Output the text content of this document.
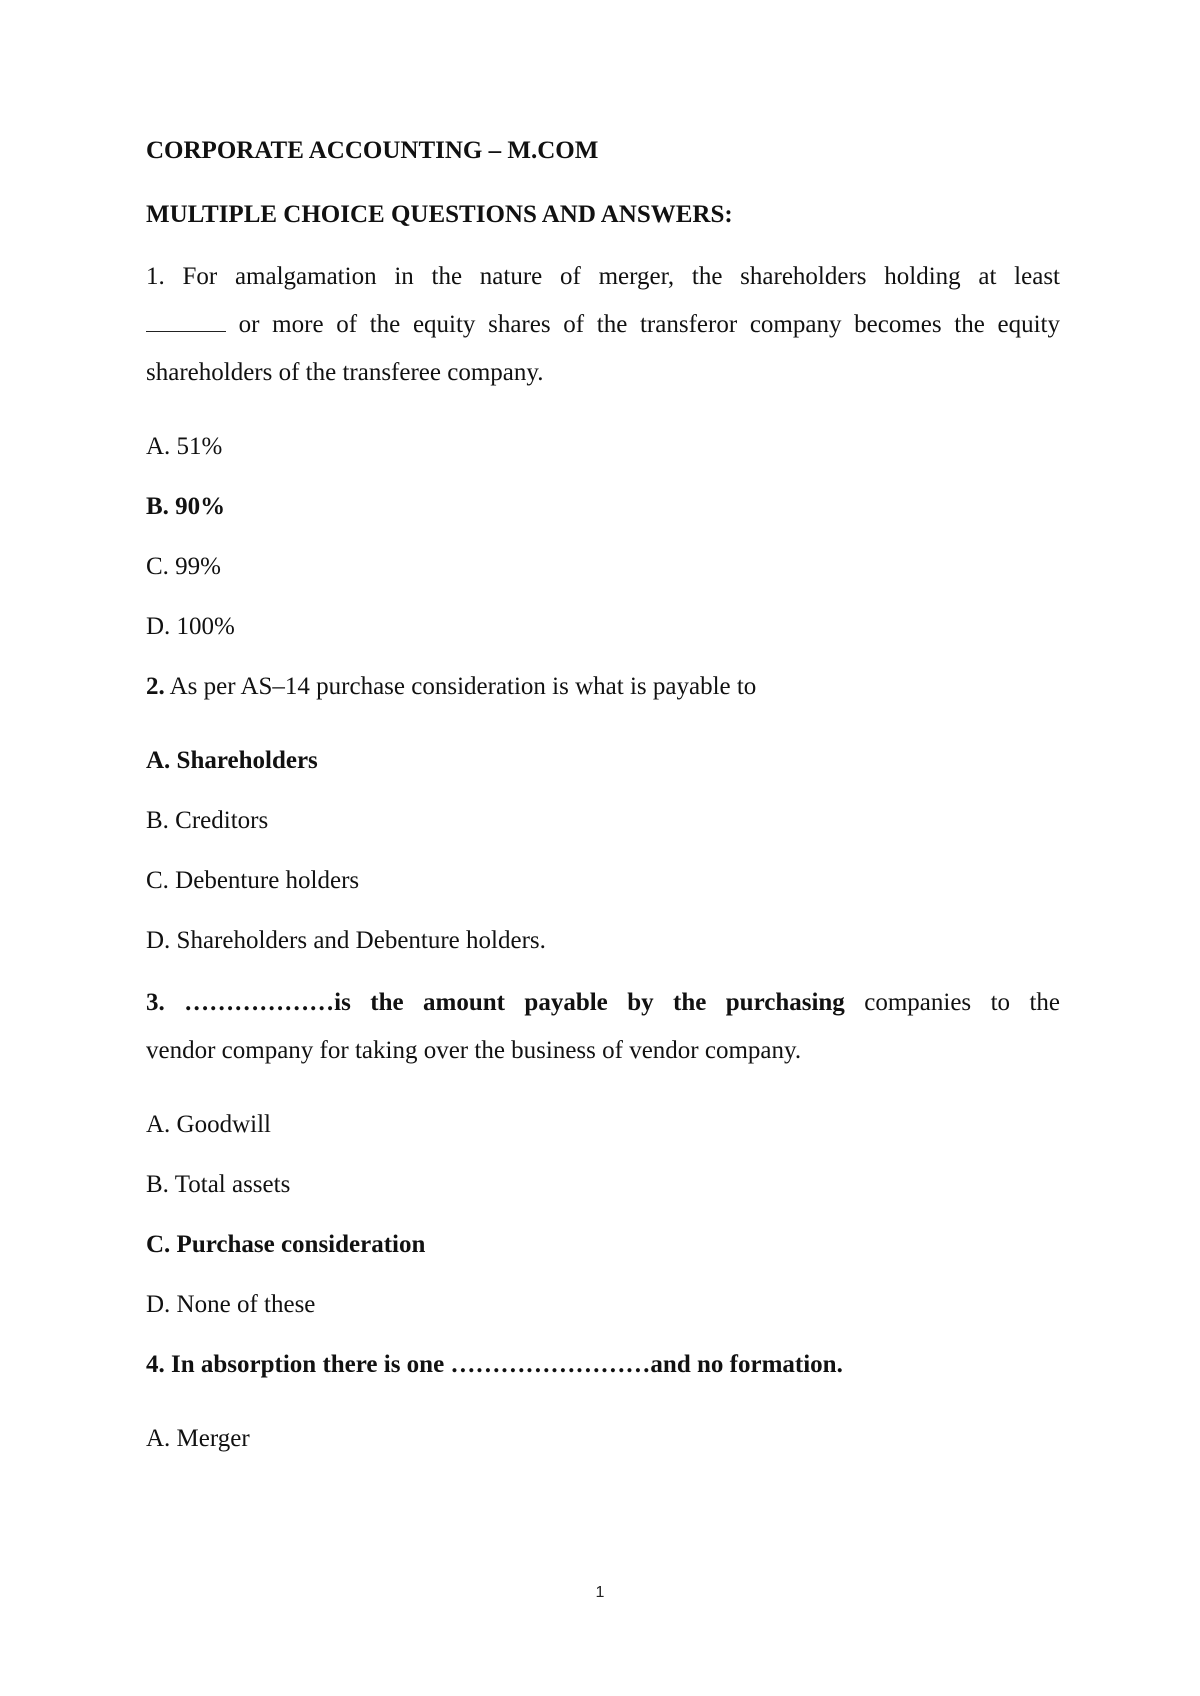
CORPORATE ACCOUNTING – M.COM
MULTIPLE CHOICE QUESTIONS AND ANSWERS:
1. For amalgamation in the nature of merger, the shareholders holding at least
or more of the equity shares of the transferor company becomes the equity
shareholders of the transferee company.
A. 51%
B. 90%
C. 99%
D. 100%
2. As per AS–14 purchase consideration is what is payable to
A. Shareholders
B. Creditors
C. Debenture holders
D. Shareholders and Debenture holders.
3. ………………is the amount payable by the purchasing companies to the
vendor company for taking over the business of vendor company.
A. Goodwill
B. Total assets
C. Purchase consideration
D. None of these
4. In absorption there is one ……………………and no formation.
A. Merger
1
